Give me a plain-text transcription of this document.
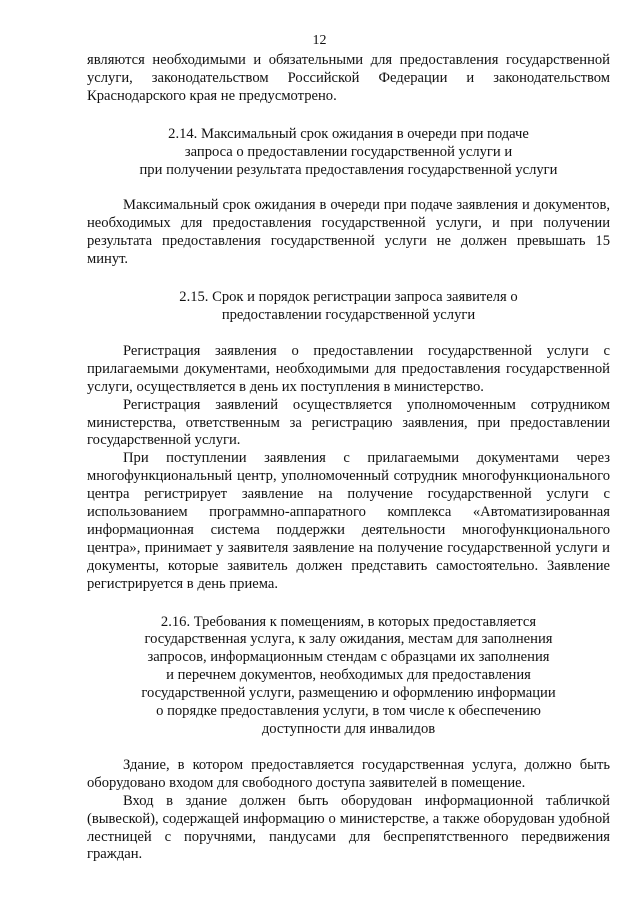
12

являются необходимыми и обязательными для предоставления государственной услуги, законодательством Российской Федерации и законодательством Краснодарского края не предусмотрено.

2.14. Максимальный срок ожидания в очереди при подаче
запроса о предоставлении государственной услуги и
при получении результата предоставления государственной услуги

Максимальный срок ожидания в очереди при подаче заявления и документов, необходимых для предоставления государственной услуги, и при получении результата предоставления государственной услуги не должен превышать 15 минут.

2.15. Срок и порядок регистрации запроса заявителя о
предоставлении государственной услуги

Регистрация заявления о предоставлении государственной услуги с прилагаемыми документами, необходимыми для предоставления государственной услуги, осуществляется в день их поступления в министерство.

Регистрация заявлений осуществляется уполномоченным сотрудником министерства, ответственным за регистрацию заявления, при предоставлении государственной услуги.

При поступлении заявления с прилагаемыми документами через многофункциональный центр, уполномоченный сотрудник многофункционального центра регистрирует заявление на получение государственной услуги с использованием программно-аппаратного комплекса «Автоматизированная информационная система поддержки деятельности многофункционального центра», принимает у заявителя заявление на получение государственной услуги и документы, которые заявитель должен представить самостоятельно. Заявление регистрируется в день приема.

2.16. Требования к помещениям, в которых предоставляется
государственная услуга, к залу ожидания, местам для заполнения
запросов, информационным стендам с образцами их заполнения
и перечнем документов, необходимых для предоставления
государственной услуги, размещению и оформлению информации
о порядке предоставления услуги, в том числе к обеспечению
доступности для инвалидов

Здание, в котором предоставляется государственная услуга, должно быть оборудовано входом для свободного доступа заявителей в помещение.

Вход в здание должен быть оборудован информационной табличкой (вывеской), содержащей информацию о министерстве, а также оборудован удобной лестницей с поручнями, пандусами для беспрепятственного передвижения граждан.
